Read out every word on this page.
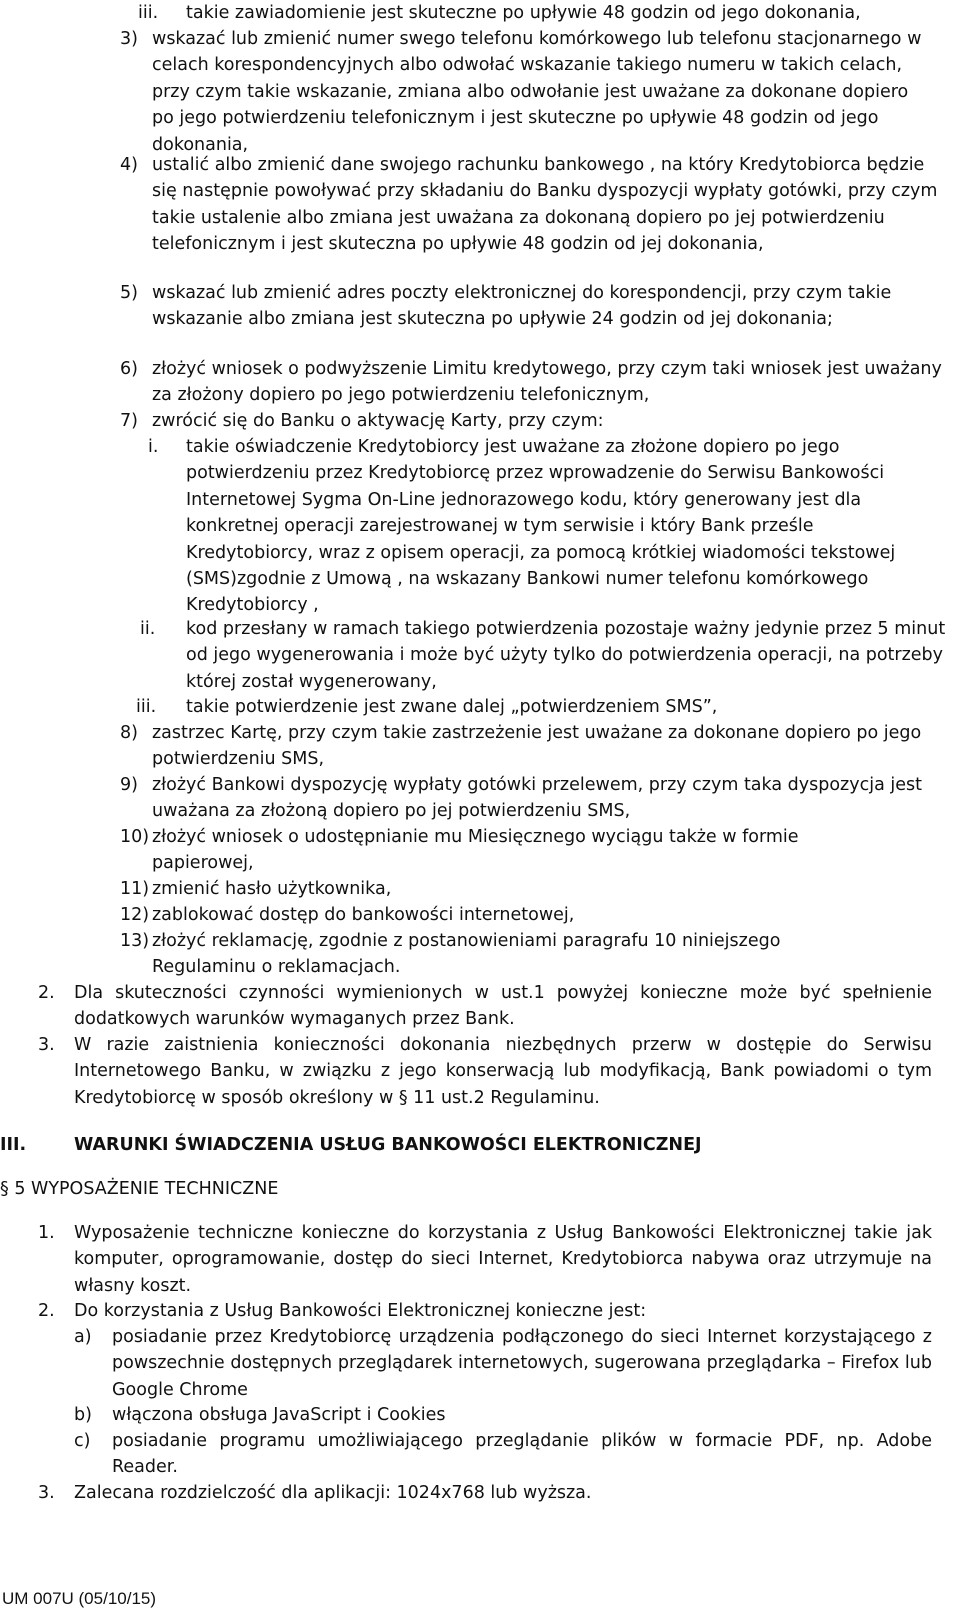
iii. takie zawiadomienie jest skuteczne po upływie 48 godzin od jego dokonania,
3) wskazać lub zmienić numer swego telefonu komórkowego lub telefonu stacjonarnego w celach korespondencyjnych albo odwołać wskazanie takiego numeru w takich celach, przy czym takie wskazanie, zmiana albo odwołanie jest uważane za dokonane dopiero po jego potwierdzeniu telefonicznym i jest skuteczne po upływie 48 godzin od jego dokonania,
4) ustalić albo zmienić dane swojego rachunku bankowego , na który Kredytobiorca będzie się następnie powoływać przy składaniu do Banku dyspozycji wypłaty gotówki, przy czym takie ustalenie albo zmiana jest uważana za dokonaną dopiero po jej potwierdzeniu telefonicznym i jest skuteczna po upływie 48 godzin od jej dokonania,
5) wskazać lub zmienić adres poczty elektronicznej do korespondencji, przy czym takie wskazanie albo zmiana jest skuteczna po upływie 24 godzin od jej dokonania;
6) złożyć wniosek o podwyższenie Limitu kredytowego, przy czym taki wniosek jest uważany za złożony dopiero po jego potwierdzeniu telefonicznym,
7) zwrócić się do Banku o aktywację Karty, przy czym:
i. takie oświadczenie Kredytobiorcy jest uważane za złożone dopiero po jego potwierdzeniu przez Kredytobiorcę przez wprowadzenie do Serwisu Bankowości Internetowej Sygma On-Line jednorazowego kodu, który generowany jest dla konkretnej operacji zarejestrowanej w tym serwisie i który Bank prześle Kredytobiorcy, wraz z opisem operacji, za pomocą krótkiej wiadomości tekstowej (SMS)zgodnie z Umową , na wskazany Bankowi numer telefonu komórkowego Kredytobiorcy ,
ii. kod przesłany w ramach takiego potwierdzenia pozostaje ważny jedynie przez 5 minut od jego wygenerowania i może być użyty tylko do potwierdzenia operacji, na potrzeby której został wygenerowany,
iii. takie potwierdzenie jest zwane dalej „potwierdzeniem SMS”,
8) zastrzec Kartę, przy czym takie zastrzeżenie jest uważane za dokonane dopiero po jego potwierdzeniu SMS,
9) złożyć Bankowi dyspozycję wypłaty gotówki przelewem, przy czym taka dyspozycja jest uważana za złożoną dopiero po jej potwierdzeniu SMS,
10) złożyć wniosek o udostępnianie mu Miesięcznego wyciągu także w formie papierowej,
11) zmienić hasło użytkownika,
12) zablokować dostęp do bankowości internetowej,
13) złożyć reklamację, zgodnie z postanowieniami paragrafu 10 niniejszego Regulaminu o reklamacjach.
2. Dla skuteczności czynności wymienionych w ust.1 powyżej konieczne może być spełnienie dodatkowych warunków wymaganych przez Bank.
3. W razie zaistnienia konieczności dokonania niezbędnych przerw w dostępie do Serwisu Internetowego Banku, w związku z jego konserwacją lub modyfikacją, Bank powiadomi o tym Kredytobiorcę w sposób określony w § 11 ust.2 Regulaminu.
III.	WARUNKI ŚWIADCZENIA USŁUG BANKOWOŚCI ELEKTRONICZNEJ
§ 5 WYPOSAŻENIE TECHNICZNE
1. Wyposażenie techniczne konieczne do korzystania z Usług Bankowości Elektronicznej takie jak komputer, oprogramowanie, dostęp do sieci Internet, Kredytobiorca nabywa oraz utrzymuje na własny koszt.
2. Do korzystania z Usług Bankowości Elektronicznej konieczne jest:
a) posiadanie przez Kredytobiorcę urządzenia podłączonego do sieci Internet korzystającego z powszechnie dostępnych przeglądarek internetowych, sugerowana przeglądarka – Firefox lub Google Chrome
b) włączona obsługa JavaScript i Cookies
c) posiadanie programu umożliwiającego przeglądanie plików w formacie PDF, np. Adobe Reader.
3. Zalecana rozdzielczość dla aplikacji: 1024x768 lub wyższa.
UM 007U (05/10/15)
